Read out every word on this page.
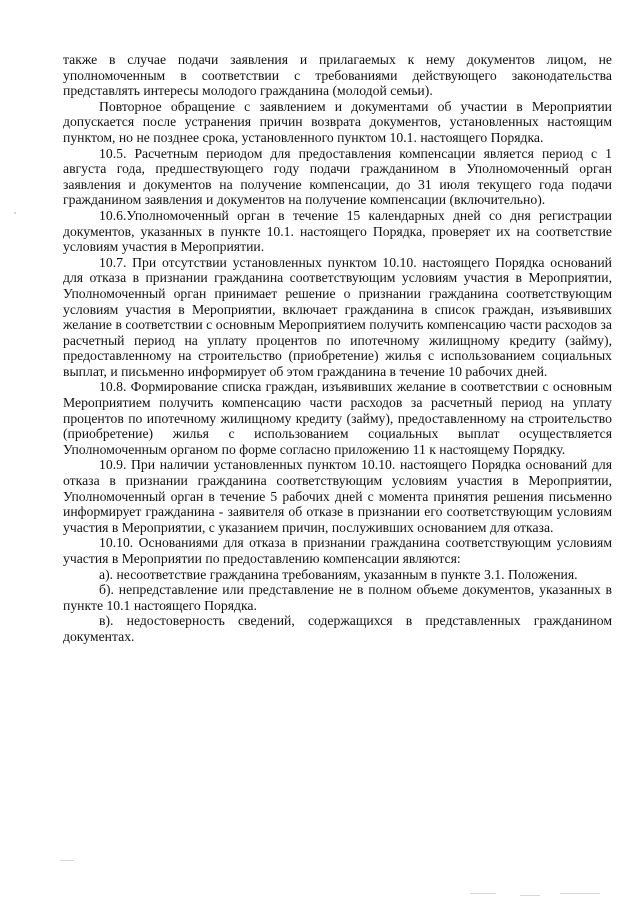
также в случае подачи заявления и прилагаемых к нему документов лицом, не уполномоченным в соответствии с требованиями действующего законодательства представлять интересы молодого гражданина (молодой семьи).

Повторное обращение с заявлением и документами об участии в Мероприятии допускается после устранения причин возврата документов, установленных настоящим пунктом, но не позднее срока, установленного пунктом 10.1. настоящего Порядка.

10.5. Расчетным периодом для предоставления компенсации является период с 1 августа года, предшествующего году подачи гражданином в Уполномоченный орган заявления и документов на получение компенсации, до 31 июля текущего года подачи гражданином заявления и документов на получение компенсации (включительно).

10.6.Уполномоченный орган в течение 15 календарных дней со дня регистрации документов, указанных в пункте 10.1. настоящего Порядка, проверяет их на соответствие условиям участия в Мероприятии.

10.7. При отсутствии установленных пунктом 10.10. настоящего Порядка оснований для отказа в признании гражданина соответствующим условиям участия в Мероприятии, Уполномоченный орган принимает решение о признании гражданина соответствующим условиям участия в Мероприятии, включает гражданина в список граждан, изъявивших желание в соответствии с основным Мероприятием получить компенсацию части расходов за расчетный период на уплату процентов по ипотечному жилищному кредиту (займу), предоставленному на строительство (приобретение) жилья с использованием социальных выплат, и письменно информирует об этом гражданина в течение 10 рабочих дней.

10.8. Формирование списка граждан, изъявивших желание в соответствии с основным Мероприятием получить компенсацию части расходов за расчетный период на уплату процентов по ипотечному жилищному кредиту (займу), предоставленному на строительство (приобретение) жилья с использованием социальных выплат осуществляется Уполномоченным органом по форме согласно приложению 11 к настоящему Порядку.

10.9. При наличии установленных пунктом 10.10. настоящего Порядка оснований для отказа в признании гражданина соответствующим условиям участия в Мероприятии, Уполномоченный орган в течение 5 рабочих дней с момента принятия решения письменно информирует гражданина - заявителя об отказе в признании его соответствующим условиям участия в Мероприятии, с указанием причин, послуживших основанием для отказа.

10.10. Основаниями для отказа в признании гражданина соответствующим условиям участия в Мероприятии по предоставлению компенсации являются:

а). несоответствие гражданина требованиям, указанным в пункте 3.1. Положения.

б). непредставление или представление не в полном объеме документов, указанных в пункте 10.1 настоящего Порядка.

в). недостоверность сведений, содержащихся в представленных гражданином документах.
